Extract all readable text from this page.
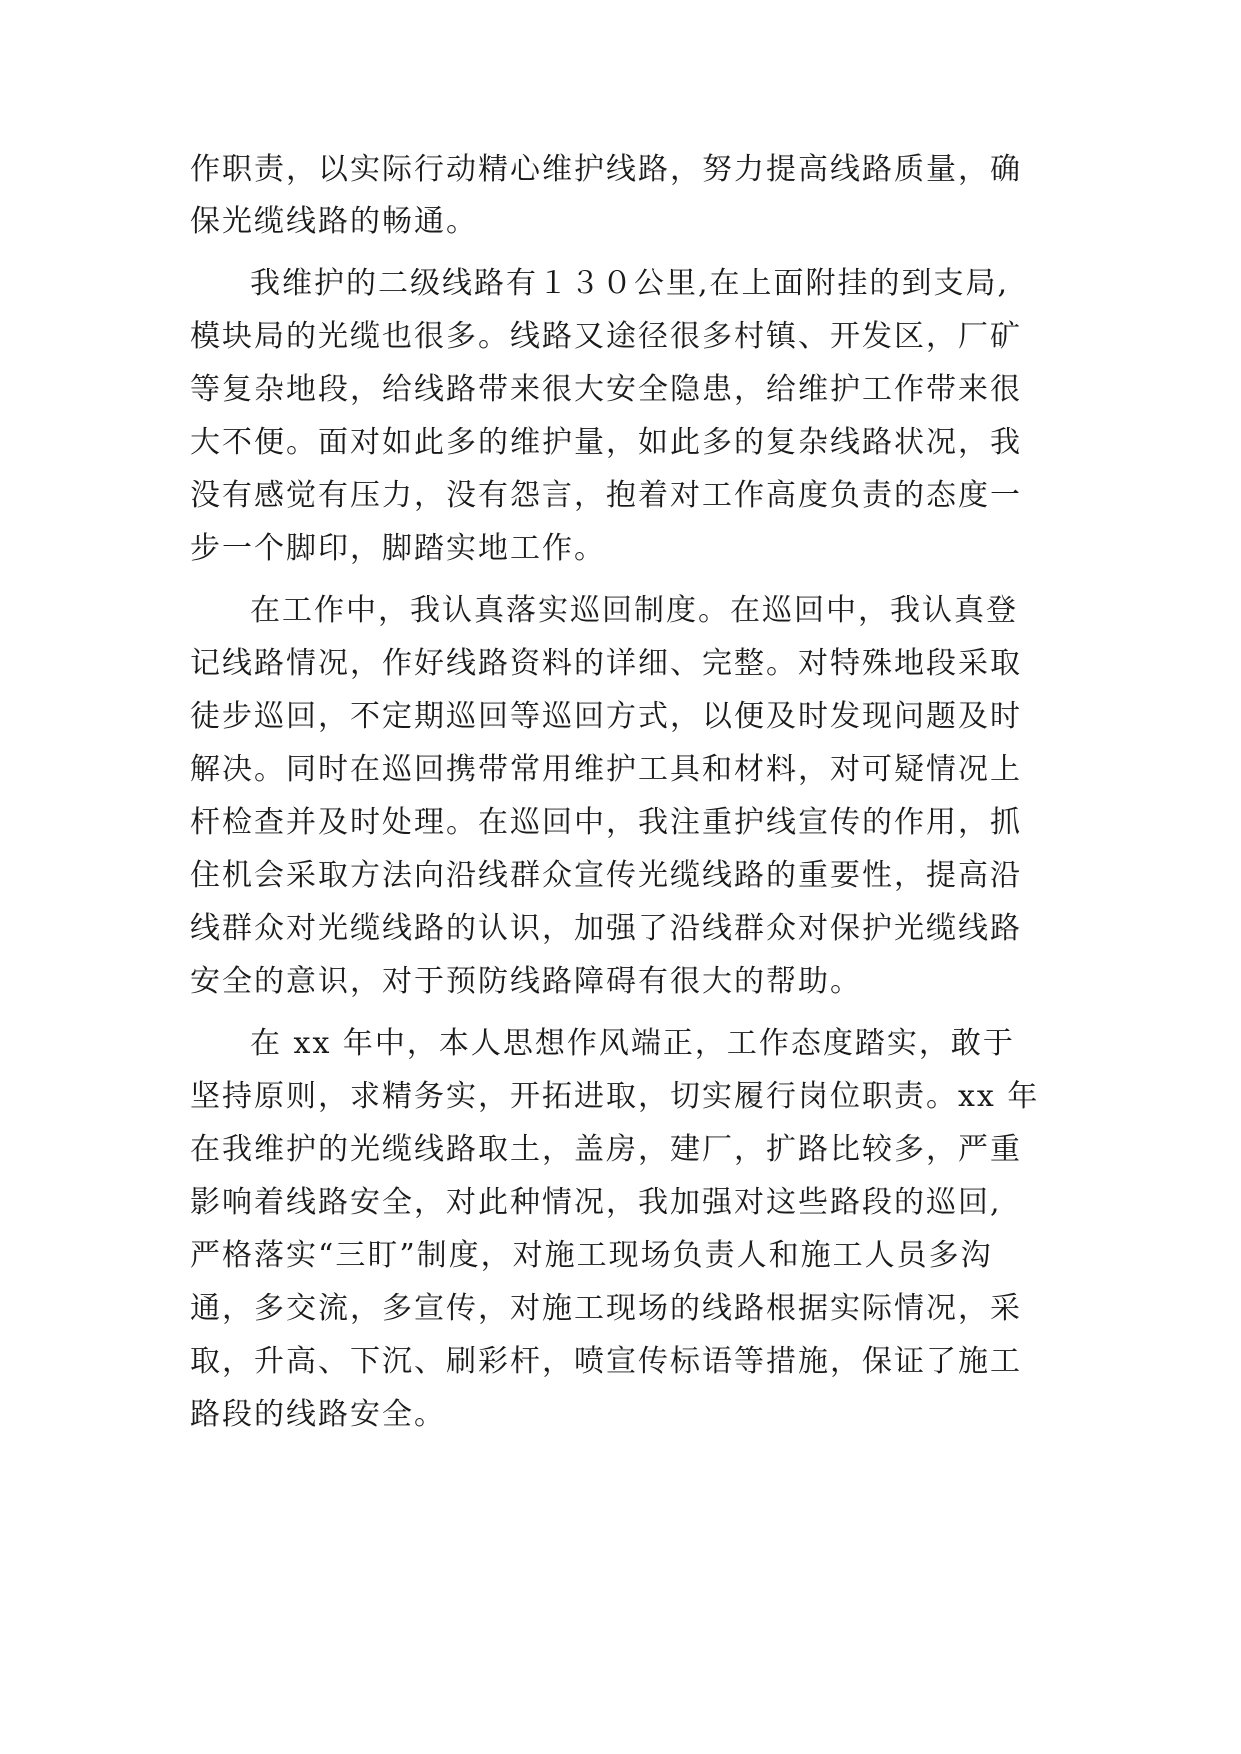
作职责，以实际行动精心维护线路，努力提高线路质量，确
保光缆线路的畅通。
我维护的二级线路有１３０公里,在上面附挂的到支局,
模块局的光缆也很多。线路又途径很多村镇、开发区，厂矿
等复杂地段，给线路带来很大安全隐患，给维护工作带来很
大不便。面对如此多的维护量，如此多的复杂线路状况，我
没有感觉有压力，没有怨言，抱着对工作高度负责的态度一
步一个脚印，脚踏实地工作。
在工作中，我认真落实巡回制度。在巡回中，我认真登
记线路情况，作好线路资料的详细、完整。对特殊地段采取
徒步巡回，不定期巡回等巡回方式，以便及时发现问题及时
解决。同时在巡回携带常用维护工具和材料，对可疑情况上
杆检查并及时处理。在巡回中，我注重护线宣传的作用，抓
住机会采取方法向沿线群众宣传光缆线路的重要性，提高沿
线群众对光缆线路的认识，加强了沿线群众对保护光缆线路
安全的意识，对于预防线路障碍有很大的帮助。
在 xx 年中，本人思想作风端正，工作态度踏实，敢于
坚持原则，求精务实，开拓进取，切实履行岗位职责。xx 年
在我维护的光缆线路取土，盖房，建厂，扩路比较多，严重
影响着线路安全，对此种情况，我加强对这些路段的巡回,
严格落实“三盯”制度，对施工现场负责人和施工人员多沟
通，多交流，多宣传，对施工现场的线路根据实际情况，采
取，升高、下沉、刷彩杆，喷宣传标语等措施，保证了施工
路段的线路安全。
